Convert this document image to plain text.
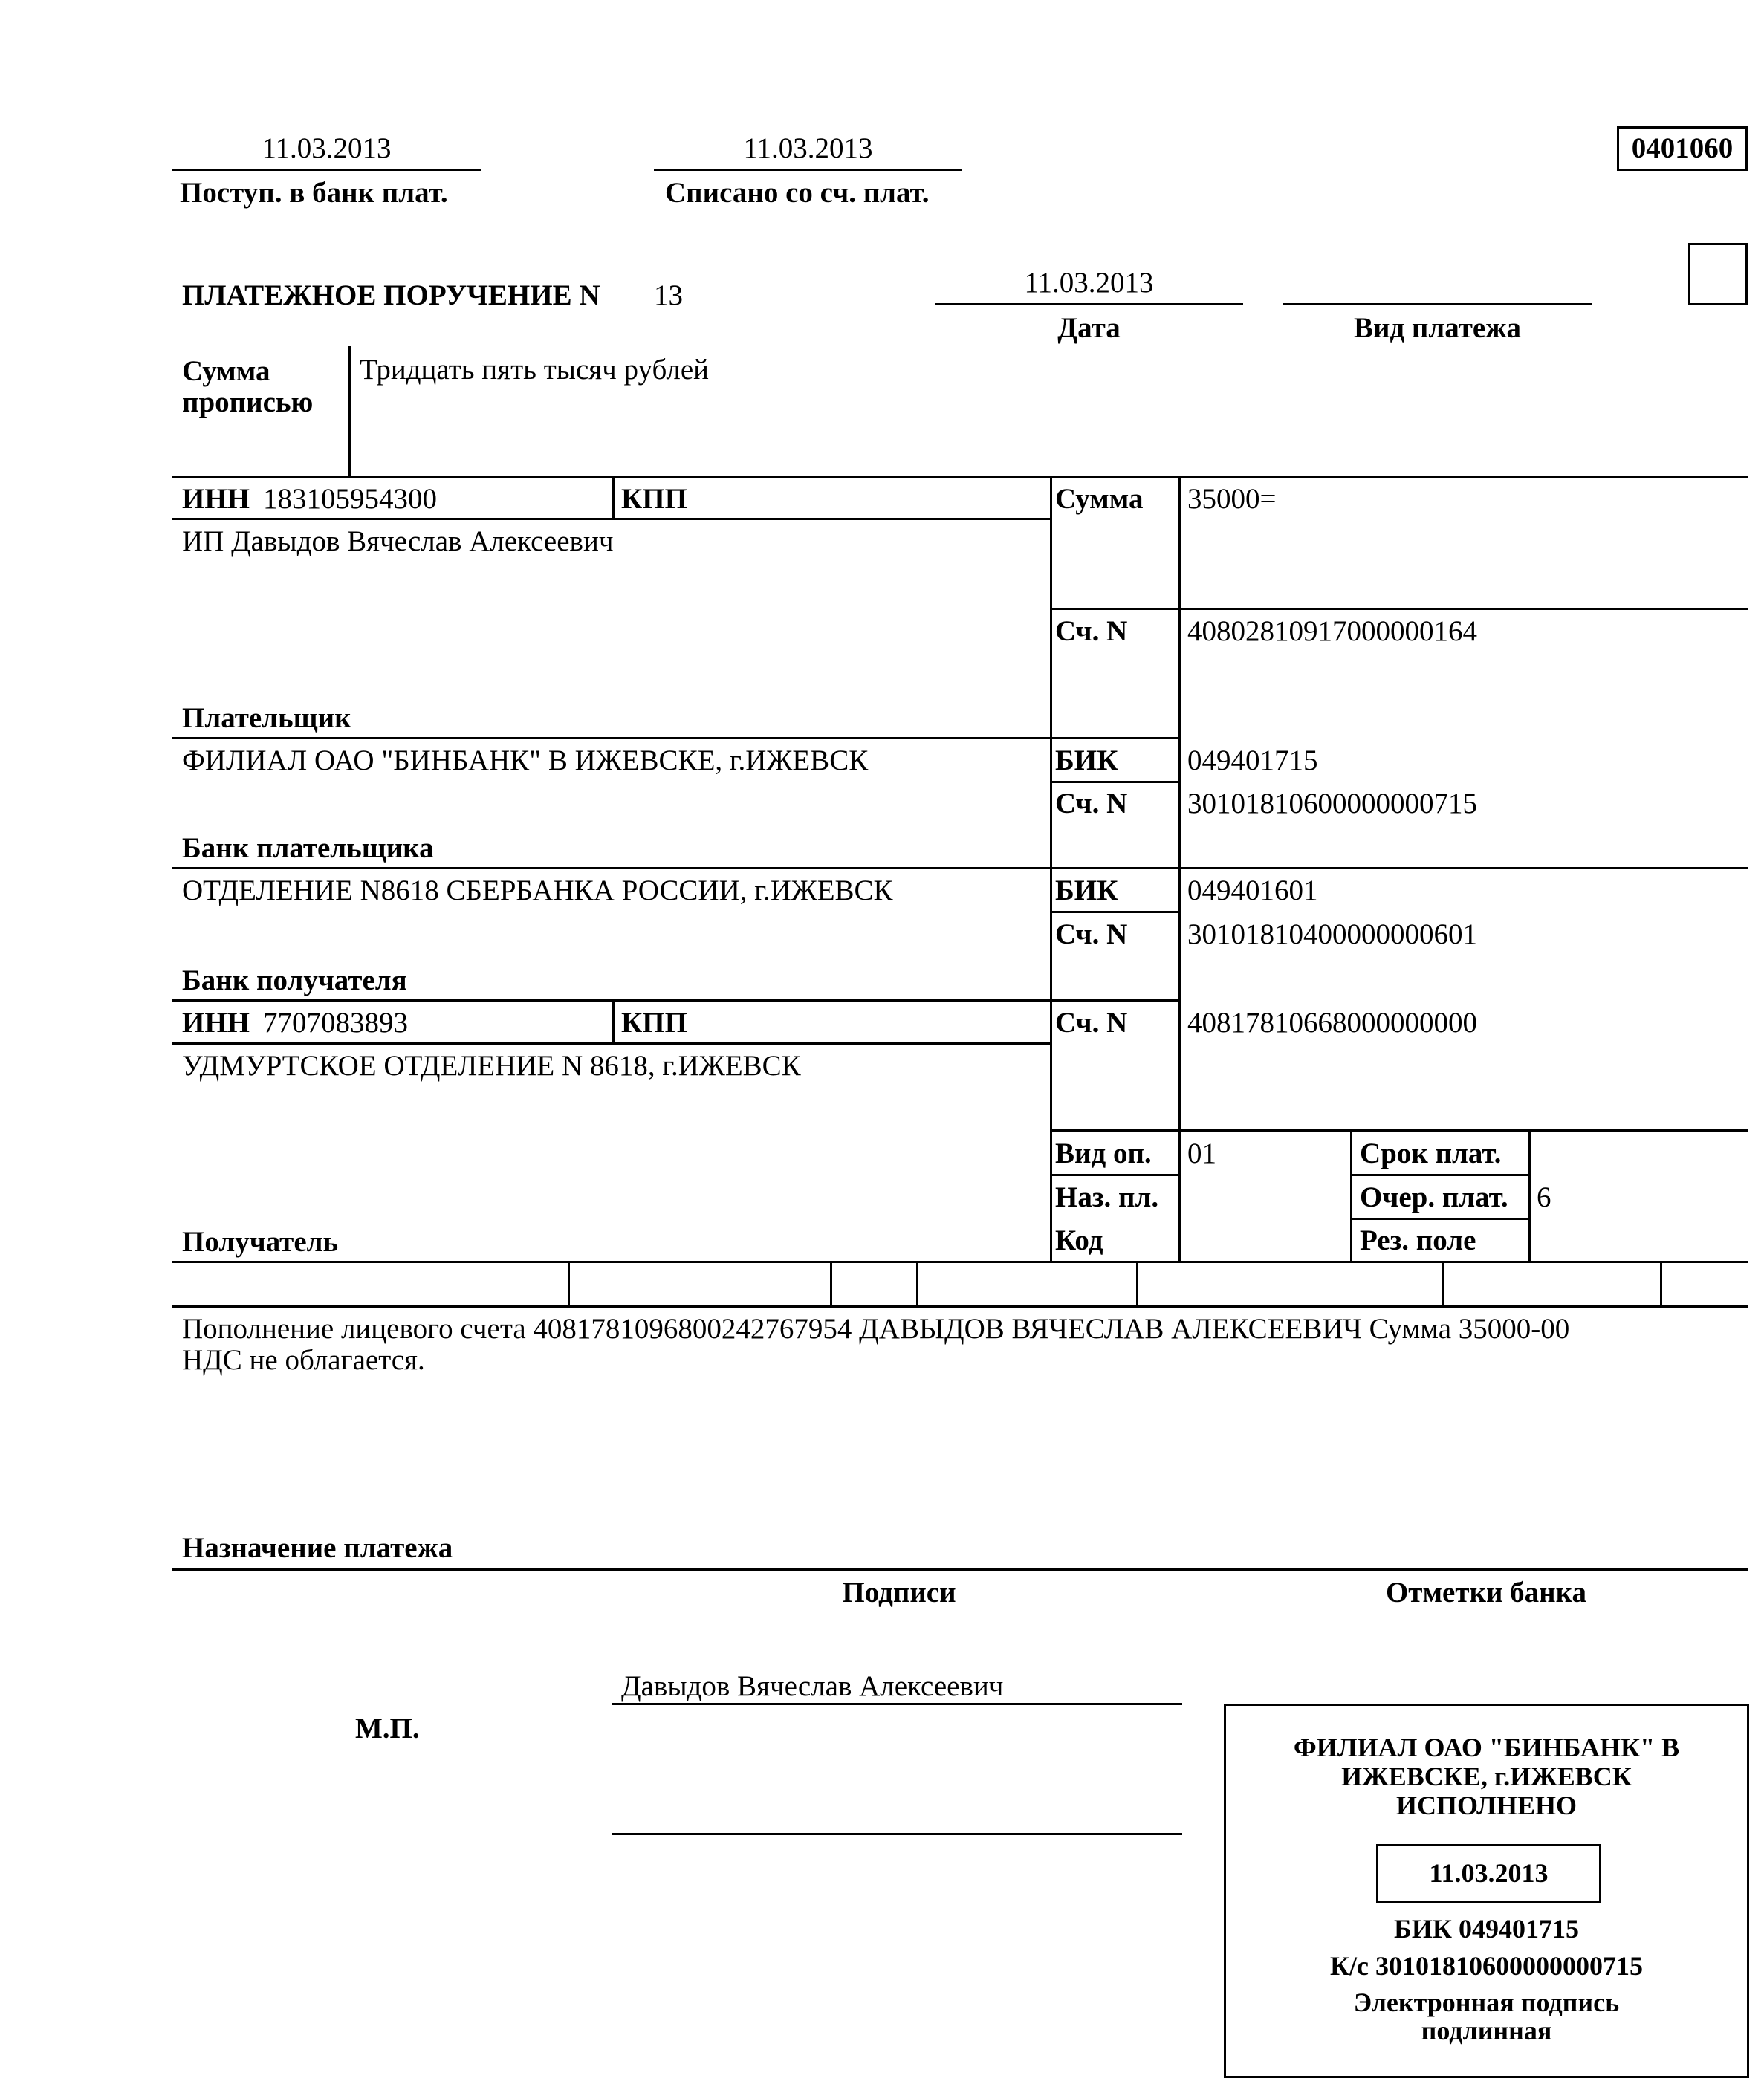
11.03.2013
Поступ. в банк плат.
11.03.2013
Списано со сч. плат.
0401060
ПЛАТЕЖНОЕ ПОРУЧЕНИЕ N 13	11.03.2013
Дата	Вид платежа
Сумма
прописью
Тридцать пять тысяч рублей
ИНН 183105954300	КПП
ИП Давыдов Вячеслав Алексеевич
Плательщик
Сумма 35000=
Сч. N 40802810917000000164
ФИЛИАЛ ОАО "БИНБАНК" В ИЖЕВСКЕ, г.ИЖЕВСК
Банк плательщика
БИК 049401715
Сч. N 30101810600000000715
ОТДЕЛЕНИЕ N8618 СБЕРБАНКА РОССИИ, г.ИЖЕВСК
Банк получателя
БИК 049401601
Сч. N 30101810400000000601
ИНН 7707083893	КПП
УДМУРТСКОЕ ОТДЕЛЕНИЕ N 8618, г.ИЖЕВСК
Получатель
Сч. N 40817810668000000000
Вид оп. 01
Наз. пл.
Код
Срок плат.
Очер. плат. 6
Рез. поле
Пополнение лицевого счета 40817810968002427679​54 ДАВЫДОВ ВЯЧЕСЛАВ АЛЕКСЕЕВИЧ Сумма 35000-00
НДС не облагается.
Назначение платежа
Подписи	Отметки банка
М.П.
Давыдов Вячеслав Алексеевич
ФИЛИАЛ ОАО "БИНБАНК" В
ИЖЕВСКЕ, г.ИЖЕВСК
ИСПОЛНЕНО
11.03.2013
БИК 049401715
К/с 30101810600000000715
Электронная подпись
подлинная
